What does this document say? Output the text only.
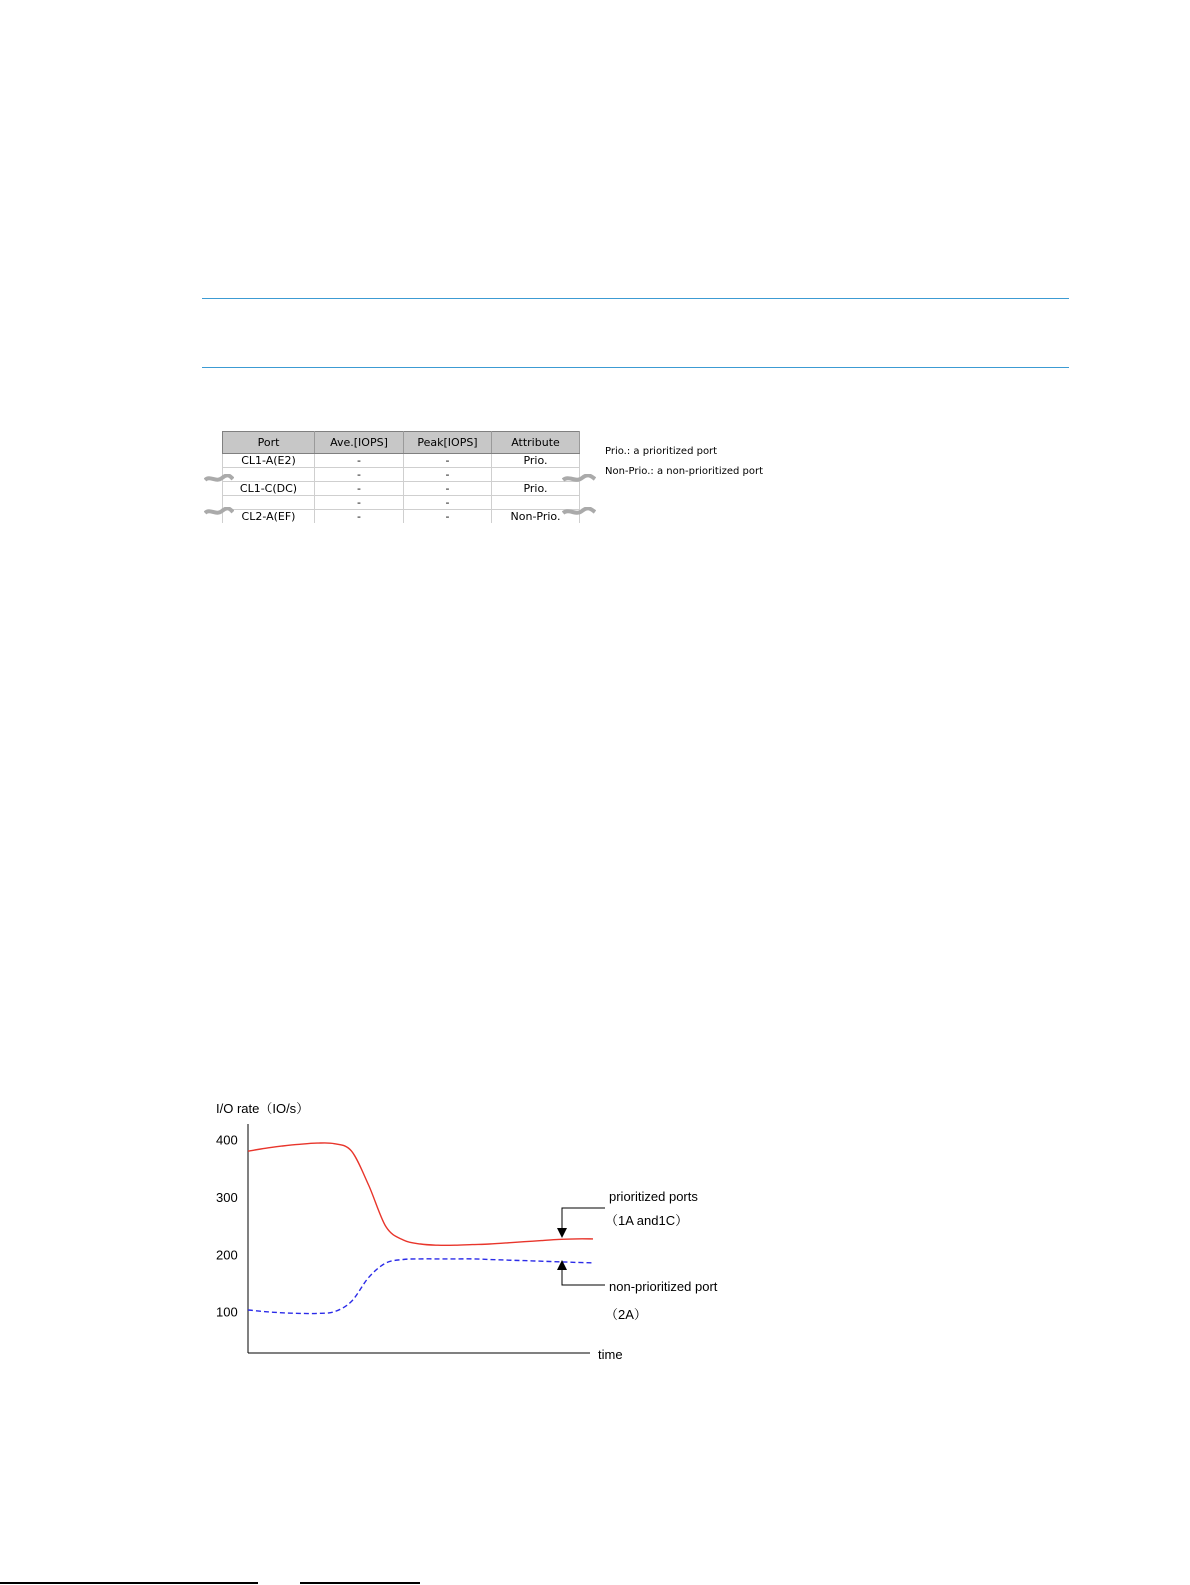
Port	Ave.[IOPS]	Peak[IOPS]	Attribute
CL1-A(E2)	-	-	Prio.
	-	-	
CL1-C(DC)	-	-	Prio.
	-	-	
CL2-A(EF)	-	-	Non-Prio.
Prio.: a prioritized port
Non-Prio.: a non-prioritized port
I/O rate（IO/s）
400
300
200
100
time
prioritized ports
（1A and1C）
non-prioritized port
（2A）
